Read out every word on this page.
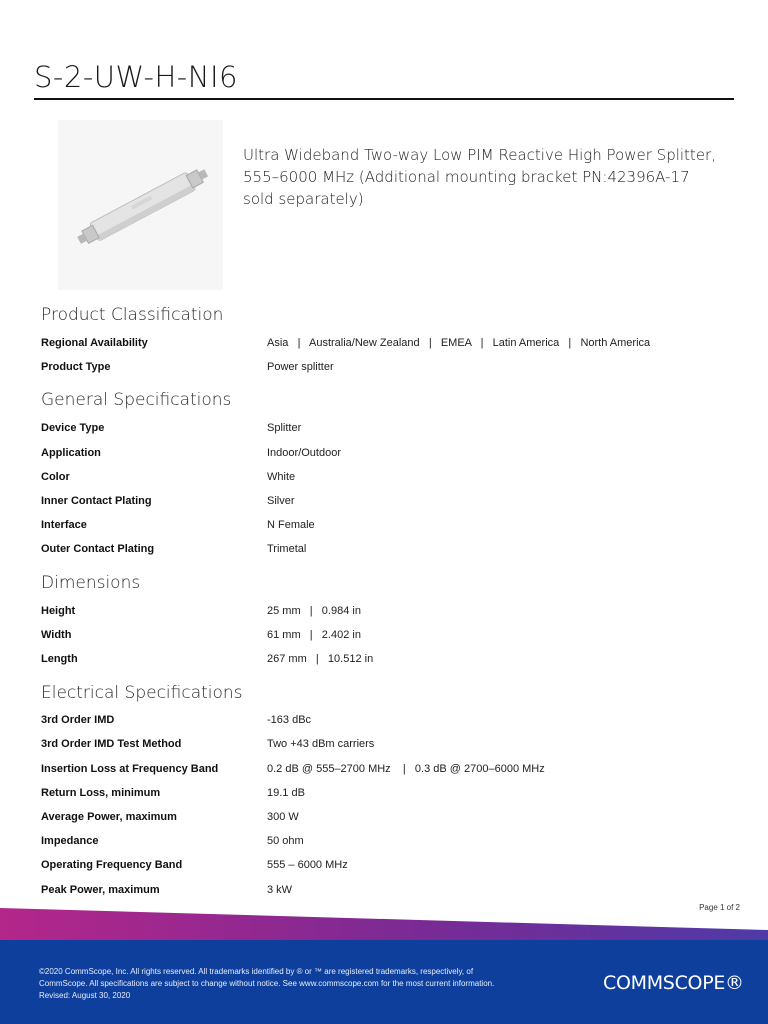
S-2-UW-H-NI6
Ultra Wideband Two-way Low PIM Reactive High Power Splitter, 555–6000 MHz (Additional mounting bracket PN:42396A-17 sold separately)
Product Classification
Regional Availability	Asia   |   Australia/New Zealand   |   EMEA   |   Latin America   |   North America
Product Type	Power splitter
General Specifications
Device Type	Splitter
Application	Indoor/Outdoor
Color	White
Inner Contact Plating	Silver
Interface	N Female
Outer Contact Plating	Trimetal
Dimensions
Height	25 mm   |   0.984 in
Width	61 mm   |   2.402 in
Length	267 mm   |   10.512 in
Electrical Specifications
3rd Order IMD	-163 dBc
3rd Order IMD Test Method	Two +43 dBm carriers
Insertion Loss at Frequency Band	0.2 dB @ 555–2700 MHz    |   0.3 dB @ 2700–6000 MHz
Return Loss, minimum	19.1 dB
Average Power, maximum	300 W
Impedance	50 ohm
Operating Frequency Band	555 – 6000 MHz
Peak Power, maximum	3 kW
Page 1 of 2
©2020 CommScope, Inc. All rights reserved. All trademarks identified by ® or ™ are registered trademarks, respectively, of CommScope. All specifications are subject to change without notice. See www.commscope.com for the most current information. Revised: August 30, 2020
COMMSCOPE®
